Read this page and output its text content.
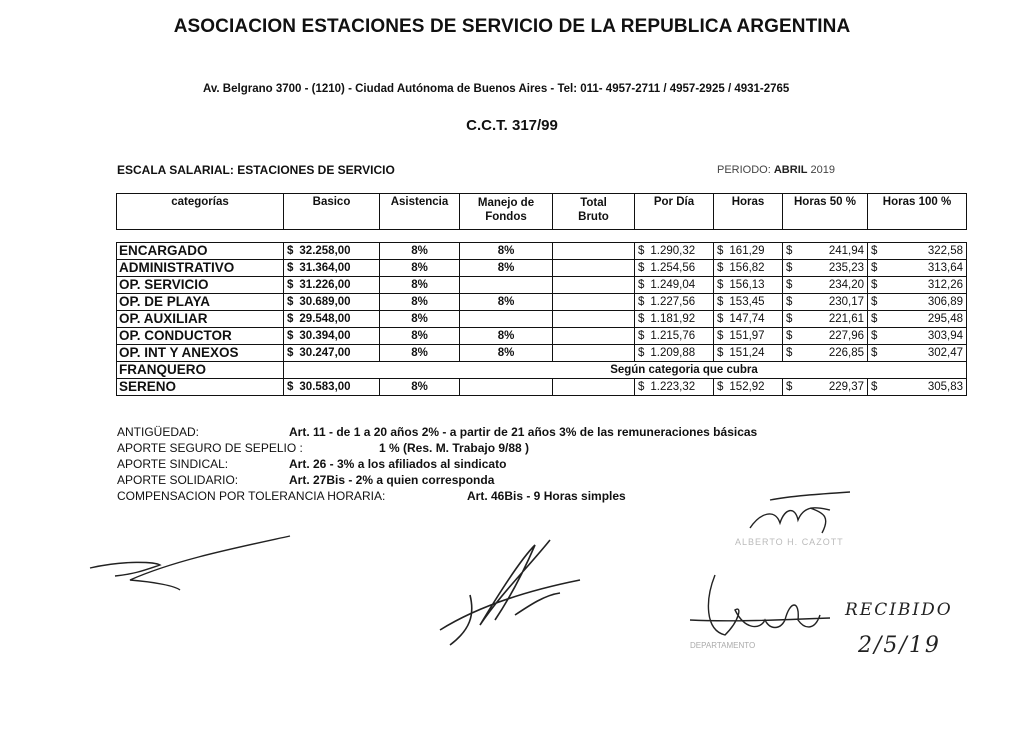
ASOCIACION ESTACIONES DE SERVICIO DE LA REPUBLICA ARGENTINA
Av. Belgrano 3700 - (1210) - Ciudad Autónoma de Buenos Aires - Tel: 011- 4957-2711 / 4957-2925 / 4931-2765
C.C.T. 317/99
ESCALA SALARIAL: ESTACIONES DE SERVICIO	PERIODO: ABRIL 2019
categorías	Basico	Asistencia	Manejo de Fondos	Total Bruto	Por Día	Horas	Horas 50 %	Horas 100 %
ENCARGADO	$ 32.258,00	8%	8%		$ 1.290,32	$ 161,29	$ 241,94	$ 322,58

ADMINISTRATIVO	$ 31.364,00	8%	8%		$ 1.254,56	$ 156,82	$ 235,23	$ 313,64

OP. SERVICIO	$ 31.226,00	8%			$ 1.249,04	$ 156,13	$ 234,20	$ 312,26

OP. DE PLAYA	$ 30.689,00	8%	8%		$ 1.227,56	$ 153,45	$ 230,17	$ 306,89

OP. AUXILIAR	$ 29.548,00	8%			$ 1.181,92	$ 147,74	$ 221,61	$ 295,48

OP. CONDUCTOR	$ 30.394,00	8%	8%		$ 1.215,76	$ 151,97	$ 227,96	$ 303,94

OP. INT Y ANEXOS	$ 30.247,00	8%	8%		$ 1.209,88	$ 151,24	$ 226,85	$ 302,47

FRANQUERO	Según categoria que cubra							
SERENO	$ 30.583,00	8%			$ 1.223,32	$ 152,92	$ 229,37	$ 305,83
ANTIGÜEDAD:	Art. 11 - de 1 a 20 años 2% - a partir de 21 años 3% de las remuneraciones básicas
APORTE SEGURO DE SEPELIO :	1 % (Res. M. Trabajo 9/88 )
APORTE SINDICAL:	Art. 26 - 3% a los afiliados al sindicato
APORTE SOLIDARIO:	Art. 27Bis - 2% a quien corresponda
COMPENSACION POR TOLERANCIA HORARIA:	Art. 46Bis - 9 Horas simples
ALBERTO H. CAZOTT
DEPARTAMENTO
RECIBIDO
2/5/19
